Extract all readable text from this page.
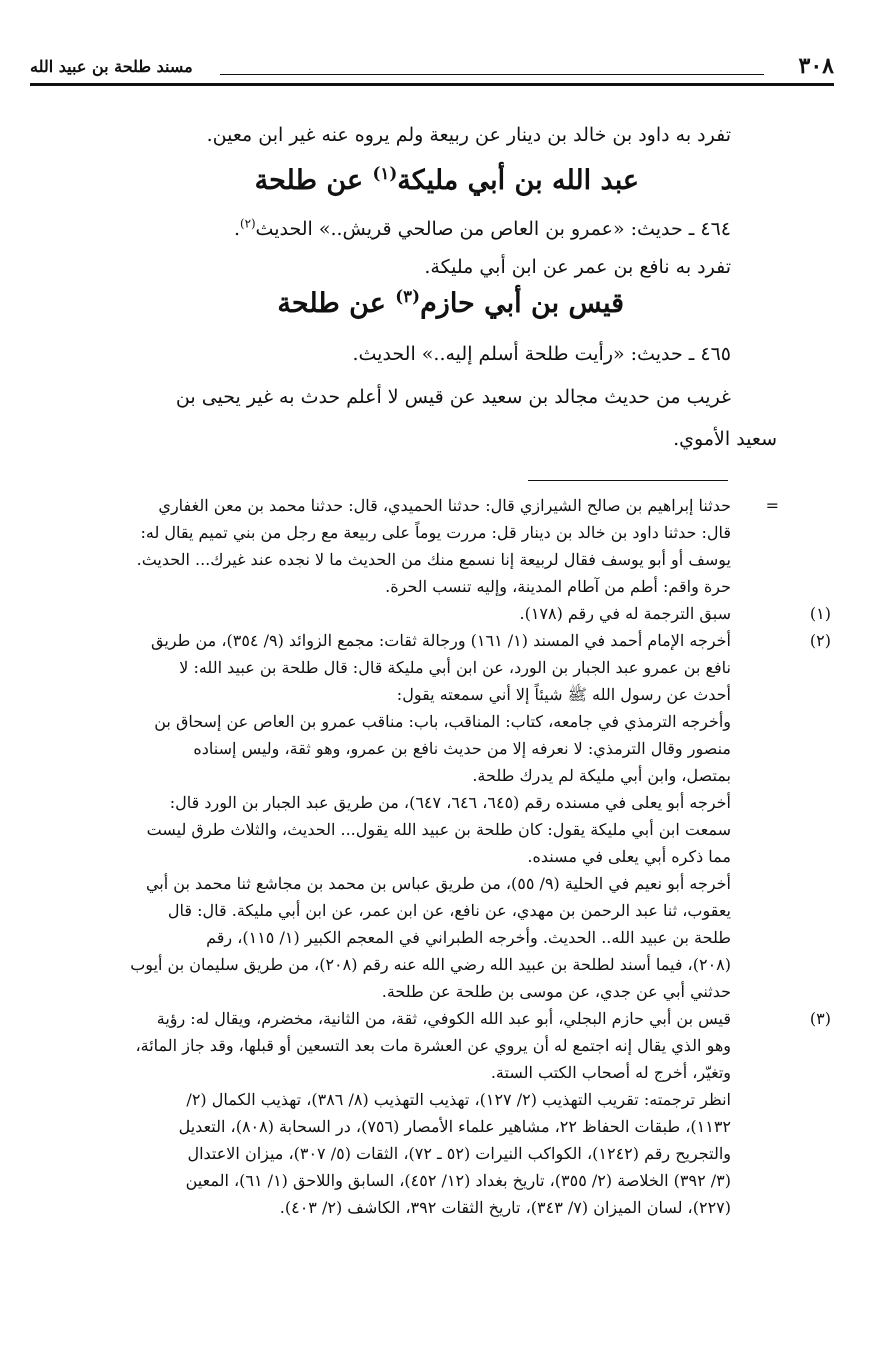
٣٠٨
مسند طلحة بن عبيد الله
تفرد به داود بن خالد بن دينار عن ربيعة ولم يروه عنه غير ابن معين.
عبد الله بن أبي مليكة$^{(١)}$ عن طلحة
٤٦٤ ـ حديث: «عمرو بن العاص من صالحي قريش..» الحديث$^{(٢)}$.
تفرد به نافع بن عمر عن ابن أبي مليكة.
قيس بن أبي حازم$^{(٣)}$ عن طلحة
٤٦٥ ـ حديث: «رأيت طلحة أسلم إليه..» الحديث.
غريب من حديث مجالد بن سعيد عن قيس لا أعلم حدث به غير يحيى بن
سعيد الأموي.
=
حدثنا إبراهيم بن صالح الشيرازي قال: حدثنا الحميدي، قال: حدثنا محمد بن معن الغفاري
قال: حدثنا داود بن خالد بن دينار قل: مررت يوماً على ربيعة مع رجل من بني تميم يقال له:
يوسف أو أبو يوسف فقال لربيعة إنا نسمع منك من الحديث ما لا نجده عند غيرك... الحديث.
حرة واقم: أطم من آطام المدينة، وإليه تنسب الحرة.
(١)
سبق الترجمة له في رقم (١٧٨).
(٢)
أخرجه الإمام أحمد في المسند (١/ ١٦١) ورجالة ثقات: مجمع الزوائد (٩/ ٣٥٤)، من طريق
نافع بن عمرو عبد الجبار بن الورد، عن ابن أبي مليكة قال: قال طلحة بن عبيد الله: لا
أحدث عن رسول الله ﷺ شيئاً إلا أني سمعته يقول:
وأخرجه الترمذي في جامعه، كتاب: المناقب، باب: مناقب عمرو بن العاص عن إسحاق بن
منصور وقال الترمذي: لا نعرفه إلا من حديث نافع بن عمرو، وهو ثقة، وليس إسناده
بمتصل، وابن أبي مليكة لم يدرك طلحة.
أخرجه أبو يعلى في مسنده رقم (٦٤٥، ٦٤٦، ٦٤٧)، من طريق عبد الجبار بن الورد قال:
سمعت ابن أبي مليكة يقول: كان طلحة بن عبيد الله يقول... الحديث، والثلاث طرق ليست
مما ذكره أبي يعلى في مسنده.
أخرجه أبو نعيم في الحلية (٩/ ٥٥)، من طريق عباس بن محمد بن مجاشع ثنا محمد بن أبي
يعقوب، ثنا عبد الرحمن بن مهدي، عن نافع، عن ابن عمر، عن ابن أبي مليكة. قال: قال
طلحة بن عبيد الله.. الحديث. وأخرجه الطبراني في المعجم الكبير (١/ ١١٥)، رقم
(٢٠٨)، فيما أسند لطلحة بن عبيد الله رضي الله عنه رقم (٢٠٨)، من طريق سليمان بن أيوب
حدثني أبي عن جدي، عن موسى بن طلحة عن طلحة.
(٣)
قيس بن أبي حازم البجلي، أبو عبد الله الكوفي، ثقة، من الثانية، مخضرم، ويقال له: رؤية
وهو الذي يقال إنه اجتمع له أن يروي عن العشرة مات بعد التسعين أو قبلها، وقد جاز المائة،
وتغيّر، أخرج له أصحاب الكتب الستة.
انظر ترجمته: تقريب التهذيب (٢/ ١٢٧)، تهذيب التهذيب (٨/ ٣٨٦)، تهذيب الكمال (٢/
١١٣٢)، طبقات الحفاظ ٢٢، مشاهير علماء الأمصار (٧٥٦)، در السحابة (٨٠٨)، التعديل
والتجريح رقم (١٢٤٢)، الكواكب النيرات (٥٢ ـ ٧٢)، الثقات (٥/ ٣٠٧)، ميزان الاعتدال
(٣/ ٣٩٢) الخلاصة (٢/ ٣٥٥)، تاريخ بغداد (١٢/ ٤٥٢)، السابق واللاحق (١/ ٦١)، المعين
(٢٢٧)، لسان الميزان (٧/ ٣٤٣)، تاريخ الثقات ٣٩٢، الكاشف (٢/ ٤٠٣).
